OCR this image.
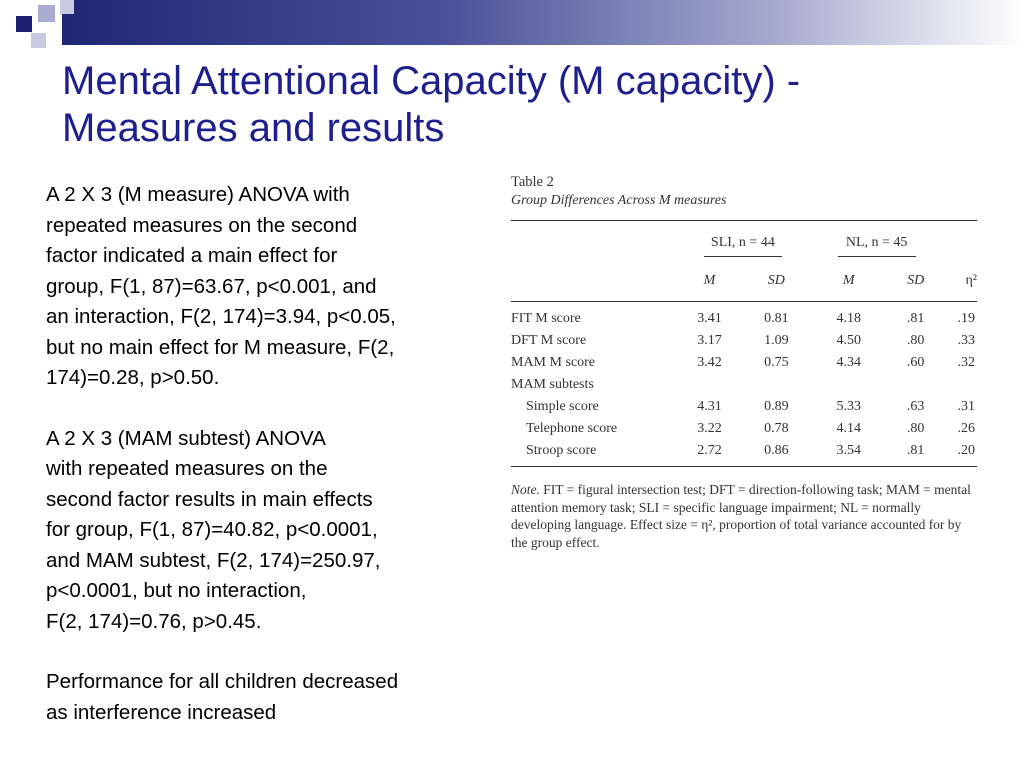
Mental Attentional Capacity (M capacity) -
Measures and results

A 2 X 3 (M measure) ANOVA with
repeated measures on the second
factor indicated a main effect for
group, F(1, 87)=63.67, p<0.001, and
an interaction, F(2, 174)=3.94, p<0.05,
but no main effect for M measure, F(2,
174)=0.28, p>0.50.

A 2 X 3 (MAM subtest) ANOVA
with repeated measures on the
second factor results in main effects
for group, F(1, 87)=40.82, p<0.0001,
and MAM subtest, F(2, 174)=250.97,
p<0.0001, but no interaction,
F(2, 174)=0.76, p>0.45.

Performance for all children decreased
as interference increased

Table 2
Group Differences Across M measures
	SLI, n = 44		NL, n = 45		
	M	SD	M	SD	η²
FIT M score	3.41	0.81	4.18	.81	.19
DFT M score	3.17	1.09	4.50	.80	.33
MAM M score	3.42	0.75	4.34	.60	.32
MAM subtests					
Simple score	4.31	0.89	5.33	.63	.31
Telephone score	3.22	0.78	4.14	.80	.26
Stroop score	2.72	0.86	3.54	.81	.20
Note. FIT = figural intersection test; DFT = direction-following task; MAM = mental attention memory task; SLI = specific language impairment; NL = normally developing language. Effect size = η², proportion of total variance accounted for by the group effect.
